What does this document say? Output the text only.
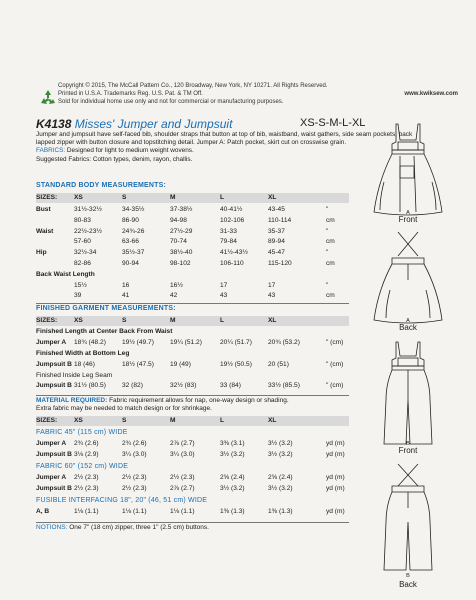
Copyright © 2015, The McCall Pattern Co., 120 Broadway, New York, NY 10271. All Rights Reserved.
Printed in U.S.A. Trademarks Reg. U.S. Pat. & TM Off.
Sold for individual home use only and not for commercial or manufacturing purposes.
www.kwiksew.com
K4138 Misses' Jumper and Jumpsuit	XS-S-M-L-XL
Jumper and jumpsuit have self-faced bib, shoulder straps that button at top of bib, waistband, waist gathers, side seam pockets, back lapped zipper with button closure and topstitching detail. Jumper A: Patch pocket, skirt cut on crosswise grain.
FABRICS: Designed for light to medium weight wovens.
Suggested Fabrics: Cotton types, denim, rayon, challis.
STANDARD BODY MEASUREMENTS:
SIZES:	XS	S	M	L	XL
Bust	31½-32½	34-35½	37-38½	40-41½	43-45	"
80-83	86-90	94-98	102-106	110-114	cm
Waist	22½-23½	24¾-26	27½-29	31-33	35-37	"
57-60	63-66	70-74	79-84	89-94	cm
Hip	32½-34	35½-37	38½-40	41½-43½	45-47	"
82-86	90-94	98-102	106-110	115-120	cm
Back Waist Length
15½	16	16½	17	17	"
39	41	42	43	43	cm
FINISHED GARMENT MEASUREMENTS:
SIZES:	XS	S	M	L	XL
Finished Length at Center Back From Waist
Jumper A 18¾ (48.2) 19½ (49.7) 19¼ (51.2)	20¼ (51.7) 20¾ (53.2)	" (cm)
Finished Width at Bottom Leg
Jumpsuit B 18 (46)	18½ (47.5) 19 (49)	19½ (50.5) 20 (51)	" (cm)
Finished Inside Leg Seam
Jumpsuit B 31½ (80.5) 32 (82)	32½ (83)	33 (84)	33½ (85.5)	" (cm)
MATERIAL REQUIRED: Fabric requirement allows for nap, one-way design or shading.
Extra fabric may be needed to match design or for shrinkage.
SIZES:	XS	S	M	L	XL
FABRIC 45" (115 cm) WIDE
Jumper A 2¾ (2.6)	2¾ (2.6)	2⅞ (2.7)	3⅜ (3.1)	3½ (3.2)	yd (m)
Jumpsuit B 3⅛ (2.9)	3¼ (3.0)	3¼ (3.0)	3½ (3.2)	3½ (3.2)	yd (m)
FABRIC 60" (152 cm) WIDE
Jumper A 2½ (2.3)	2½ (2.3)	2½ (2.3)	2⅝ (2.4)	2⅝ (2.4)	yd (m)
Jumpsuit B 2½ (2.3)	2½ (2.3)	2⅞ (2.7)	3½ (3.2)	3½ (3.2)	yd (m)
FUSIBLE INTERFACING 18", 20" (46, 51 cm) WIDE
A, B	1⅛ (1.1)	1⅛ (1.1)	1⅛ (1.1)	1⅜ (1.3)	1⅜ (1.3)	yd (m)
NOTIONS: One 7" (18 cm) zipper, three 1" (2.5 cm) buttons.
A
Front
A
Back
B
Front
B
Back
